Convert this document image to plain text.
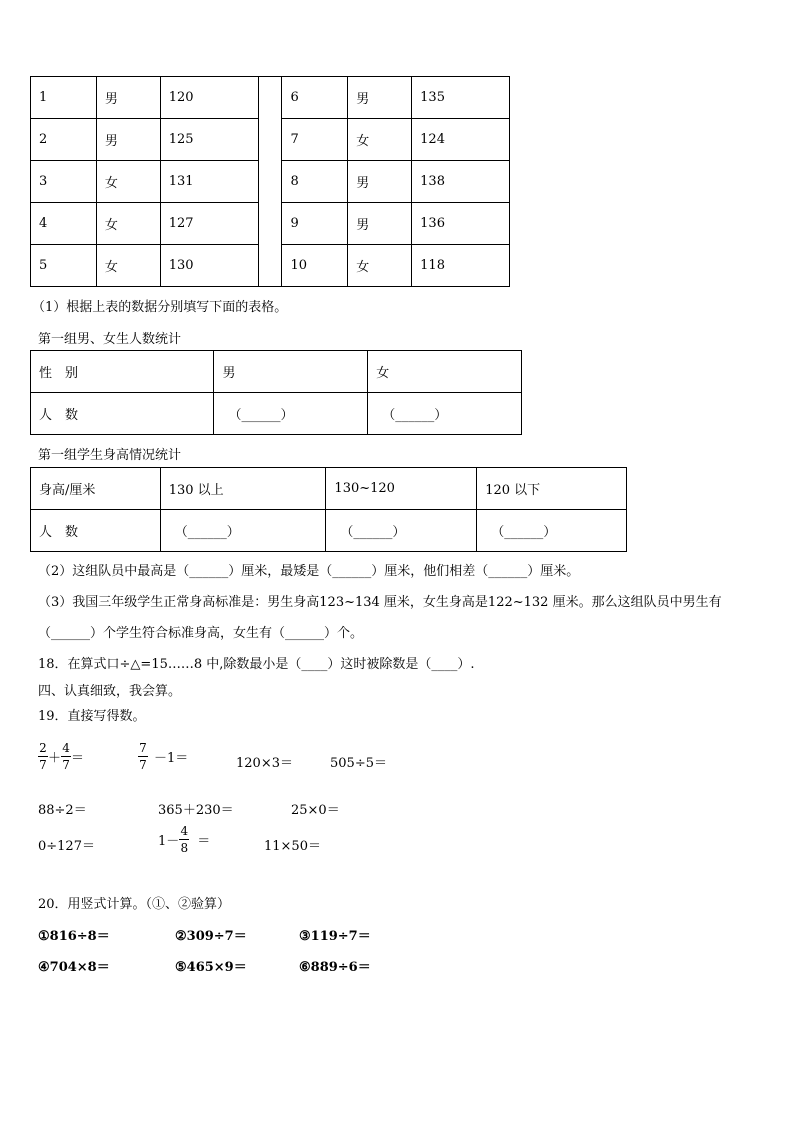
1	男	120		6	男	135
2	男	125		7	女	124
3	女	131		8	男	138
4	女	127		9	男	136
5	女	130		10	女	118
（1）根据上表的数据分别填写下面的表格。
第一组男、女生人数统计
性　别	男	女
人　数	（______）	（______）
第一组学生身高情况统计
身高/厘米	130 以上	130~120	120 以下
人　数	（______）	（______）	（______）
（2）这组队员中最高是（______）厘米，最矮是（______）厘米，他们相差（______）厘米。
（3）我国三年级学生正常身高标准是：男生身高123~134 厘米，女生身高是122~132 厘米。那么这组队员中男生有
（______）个学生符合标准身高，女生有（______）个。
18．在算式口÷△=15……8 中,除数最小是（____）这时被除数是（____）.
四、认真细致，我会算。
19．直接写得数。
$\frac{2}{7} + \frac{4}{7}$ ＝	$\frac{7}{7} -1=$	120×3＝	505÷5＝
88÷2＝	365＋230＝	25×0＝
0÷127＝	$1- \frac{4}{8}$ ＝	11×50＝
20．用竖式计算。（①、②验算）
①816÷8＝	②309÷7＝	③119÷7＝
④704×8＝	⑤465×9＝	⑥889÷6＝
